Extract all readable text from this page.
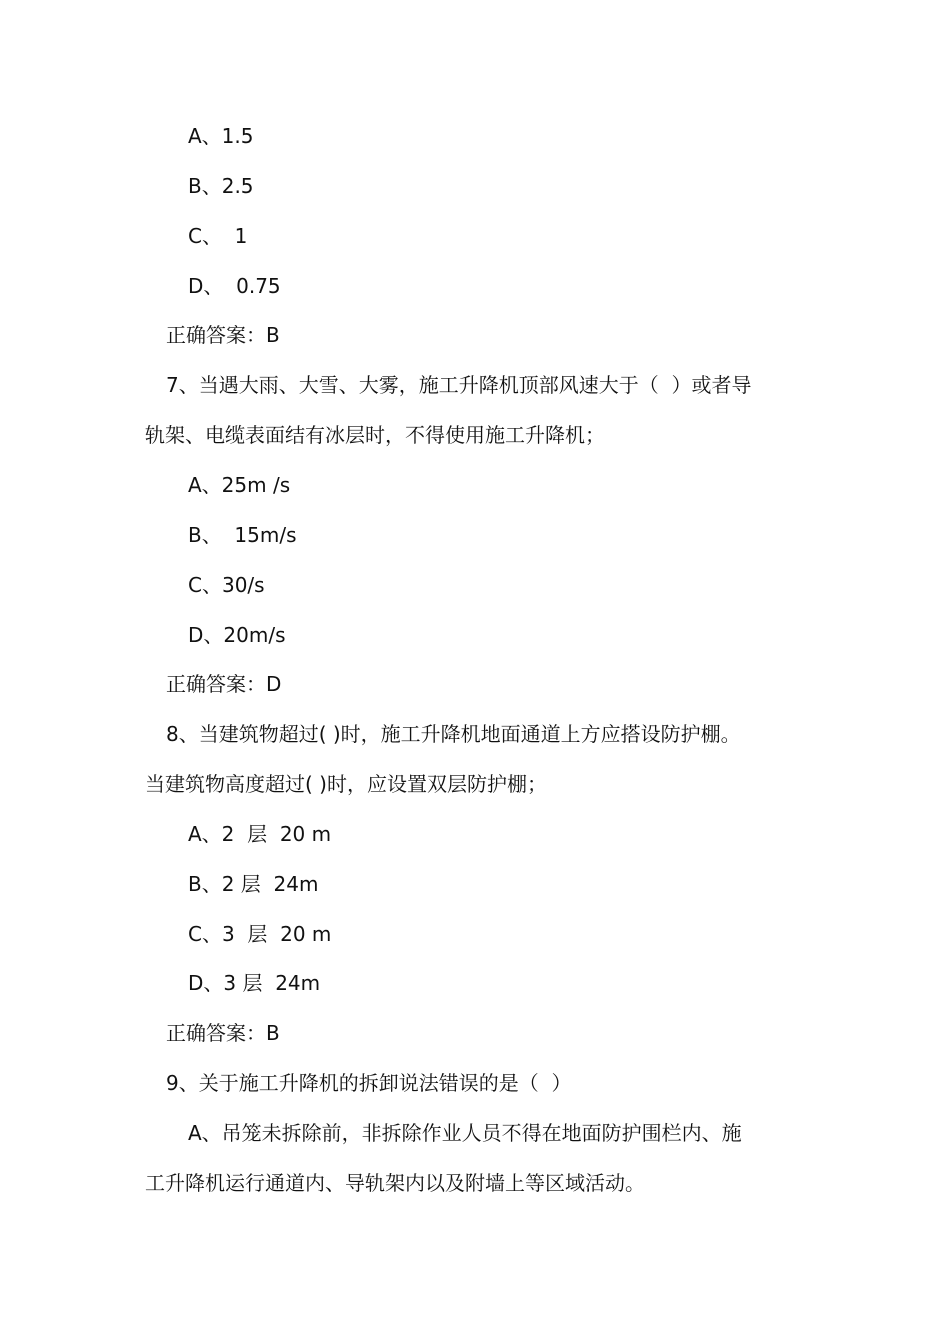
A、1.5
B、2.5
C、  1
D、  0.75
正确答案：B
7、当遇大雨、大雪、大雾，施工升降机顶部风速大于（  ）或者导
轨架、电缆表面结有冰层时，不得使用施工升降机；
A、25m /s
B、  15m/s
C、30/s
D、20m/s
正确答案：D
8、当建筑物超过( )时，施工升降机地面通道上方应搭设防护棚。
当建筑物高度超过( )时，应设置双层防护棚；
A、2  层  20 m
B、2 层  24m
C、3  层  20 m
D、3 层  24m
正确答案：B
9、关于施工升降机的拆卸说法错误的是（  ）
A、吊笼未拆除前，非拆除作业人员不得在地面防护围栏内、施
工升降机运行通道内、导轨架内以及附墙上等区域活动。
